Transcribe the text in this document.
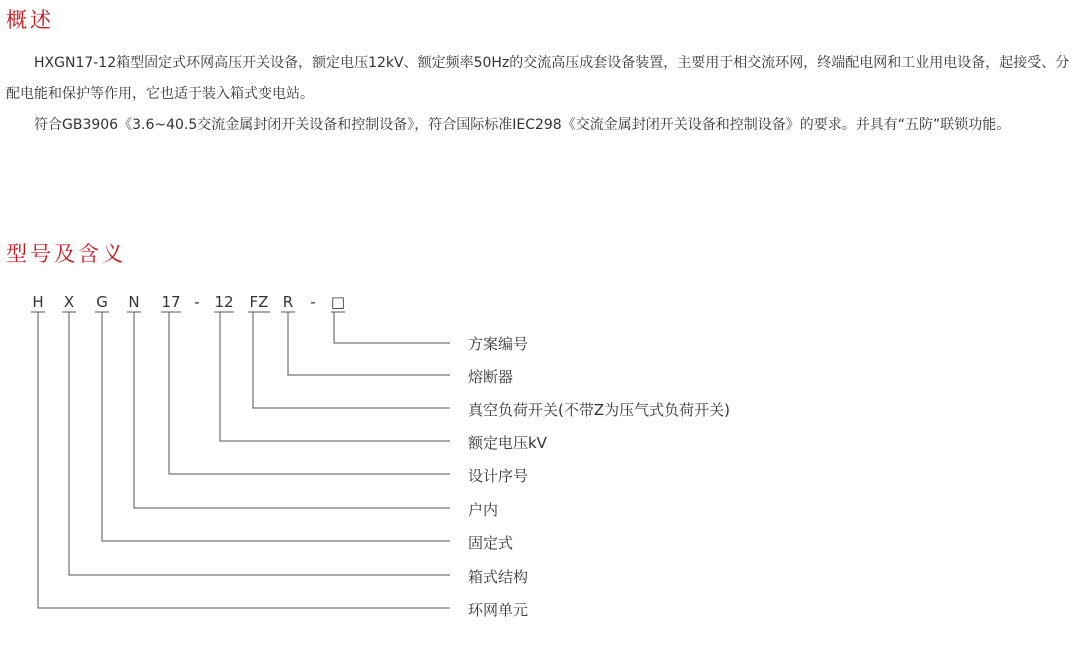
概述

HXGN17-12箱型固定式环网高压开关设备，额定电压12kV、额定频率50Hz的交流高压成套设备装置，主要用于相交流环网，终端配电网和工业用电设备，起接受、分配电能和保护等作用，它也适于装入箱式变电站。

符合GB3906《3.6~40.5交流金属封闭开关设备和控制设备》，符合国际标准IEC298《交流金属封闭开关设备和控制设备》的要求。并具有“五防”联锁功能。

型号及含义
H X G N 17 - 12 FZ R - □
方案编号
熔断器
真空负荷开关(不带Z为压气式负荷开关)
额定电压kV
设计序号
户内
固定式
箱式结构
环网单元
